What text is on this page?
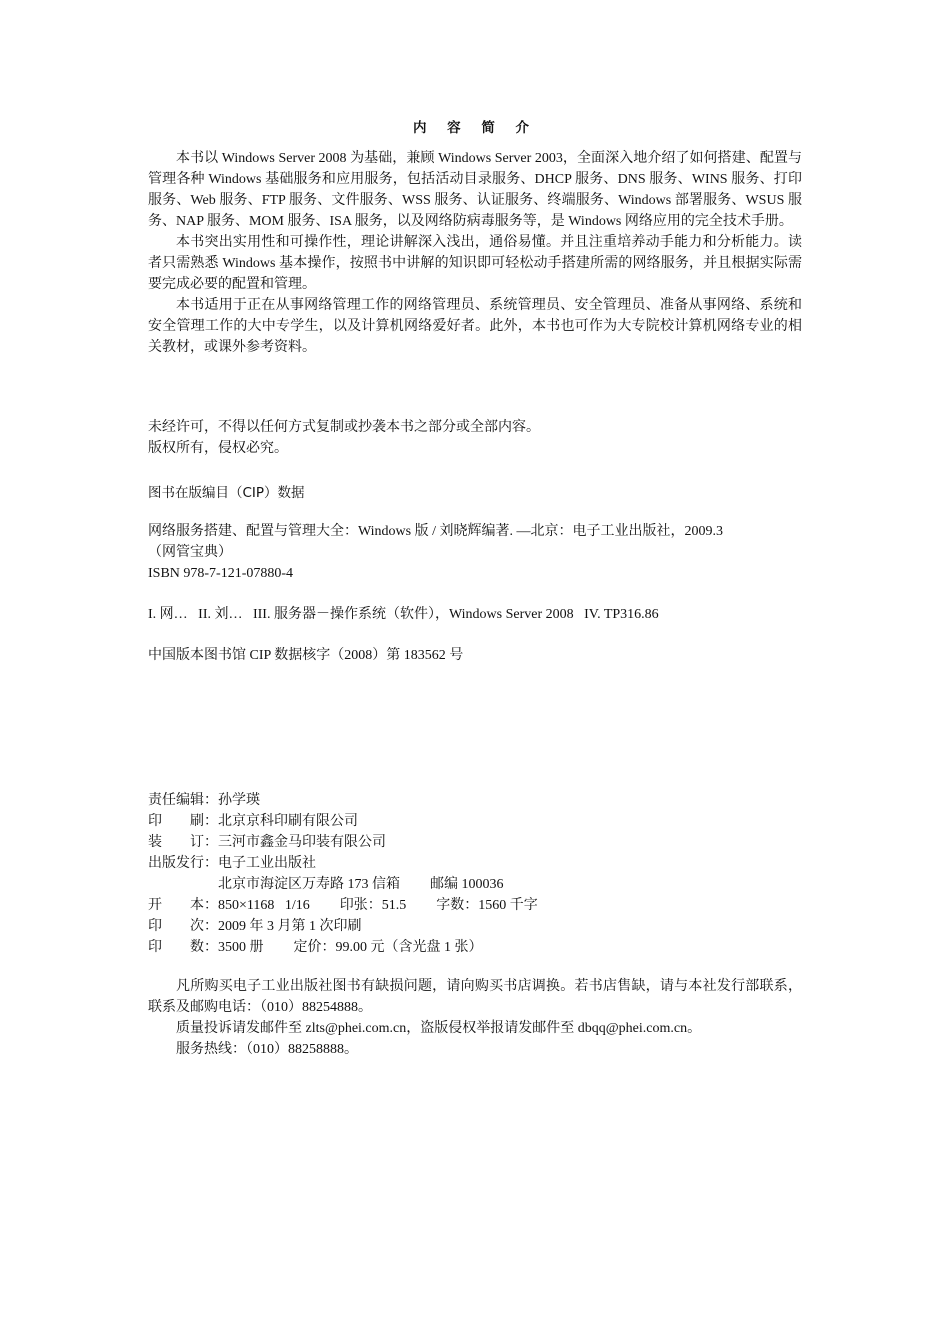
内 容 简 介

本书以 Windows Server 2008 为基础，兼顾 Windows Server 2003，全面深入地介绍了如何搭建、配置与管理各种 Windows 基础服务和应用服务，包括活动目录服务、DHCP 服务、DNS 服务、WINS 服务、打印服务、Web 服务、FTP 服务、文件服务、WSS 服务、认证服务、终端服务、Windows 部署服务、WSUS 服务、NAP 服务、MOM 服务、ISA 服务，以及网络防病毒服务等，是 Windows 网络应用的完全技术手册。

本书突出实用性和可操作性，理论讲解深入浅出，通俗易懂。并且注重培养动手能力和分析能力。读者只需熟悉 Windows 基本操作，按照书中讲解的知识即可轻松动手搭建所需的网络服务，并且根据实际需要完成必要的配置和管理。

本书适用于正在从事网络管理工作的网络管理员、系统管理员、安全管理员、准备从事网络、系统和安全管理工作的大中专学生，以及计算机网络爱好者。此外，本书也可作为大专院校计算机网络专业的相关教材，或课外参考资料。

未经许可，不得以任何方式复制或抄袭本书之部分或全部内容。
版权所有，侵权必究。
图书在版编目（CIP）数据
网络服务搭建、配置与管理大全：Windows 版 / 刘晓辉编著. —北京：电子工业出版社，2009.3
（网管宝典）
ISBN 978-7-121-07880-4
I. 网…   II. 刘…   III. 服务器－操作系统（软件），Windows Server 2008   IV. TP316.86
中国版本图书馆 CIP 数据核字（2008）第 183562 号
责任编辑： 孙学瑛
印　　刷： 北京京科印刷有限公司
装　　订： 三河市鑫金马印装有限公司
出版发行： 电子工业出版社
北京市海淀区万寿路 173 信箱 邮编 100036
开　　本： 850×1168   1/16 印张：51.5 字数：1560 千字
印　　次： 2009 年 3 月第 1 次印刷
印　　数： 3500 册 定价：99.00 元（含光盘 1 张）

凡所购买电子工业出版社图书有缺损问题，请向购买书店调换。若书店售缺，请与本社发行部联系，联系及邮购电话：（010）88254888。

质量投诉请发邮件至 zlts@phei.com.cn，盗版侵权举报请发邮件至 dbqq@phei.com.cn。

服务热线：（010）88258888。
